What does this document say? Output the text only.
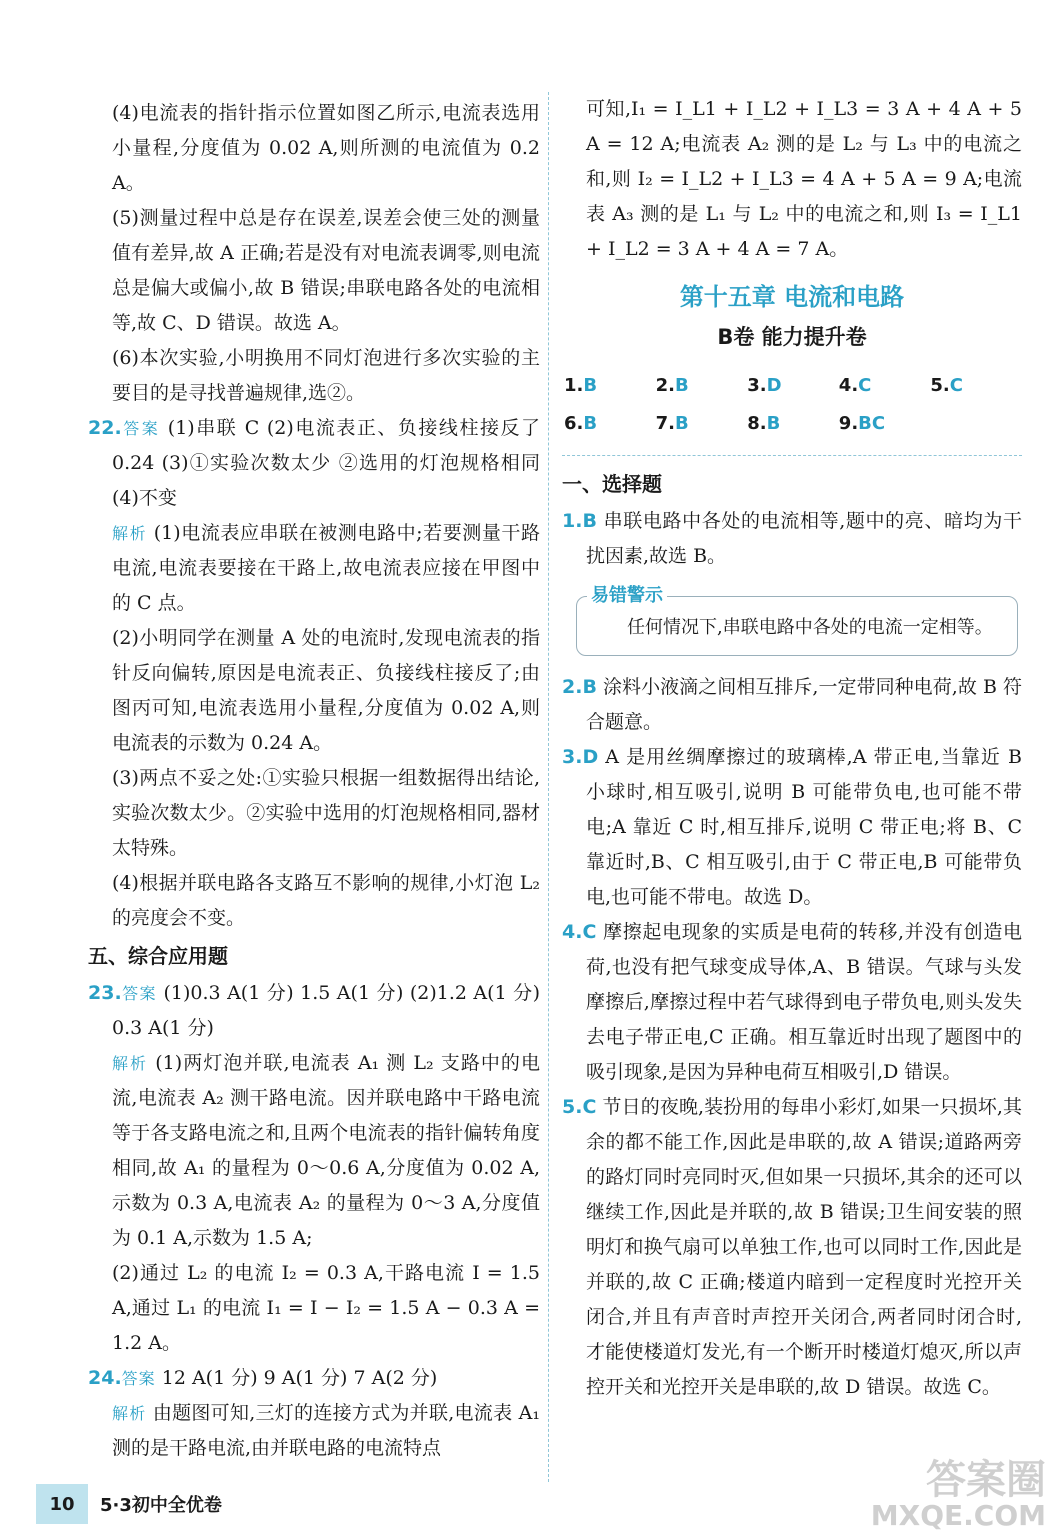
(4)电流表的指针指示位置如图乙所示,电流表选用小量程,分度值为 0.02 A,则所测的电流值为 0.2 A。

(5)测量过程中总是存在误差,误差会使三处的测量值有差异,故 A 正确;若是没有对电流表调零,则电流总是偏大或偏小,故 B 错误;串联电路各处的电流相等,故 C、D 错误。故选 A。

(6)本次实验,小明换用不同灯泡进行多次实验的主要目的是寻找普遍规律,选②。

22.答案 (1)串联 C (2)电流表正、负接线柱接反了 0.24 (3)①实验次数太少 ②选用的灯泡规格相同 (4)不变

解析 (1)电流表应串联在被测电路中;若要测量干路电流,电流表要接在干路上,故电流表应接在甲图中的 C 点。

(2)小明同学在测量 A 处的电流时,发现电流表的指针反向偏转,原因是电流表正、负接线柱接反了;由图丙可知,电流表选用小量程,分度值为 0.02 A,则电流表的示数为 0.24 A。

(3)两点不妥之处:①实验只根据一组数据得出结论,实验次数太少。②实验中选用的灯泡规格相同,器材太特殊。

(4)根据并联电路各支路互不影响的规律,小灯泡 L₂ 的亮度会不变。

五、综合应用题

23.答案 (1)0.3 A(1 分) 1.5 A(1 分) (2)1.2 A(1 分) 0.3 A(1 分)

解析 (1)两灯泡并联,电流表 A₁ 测 L₂ 支路中的电流,电流表 A₂ 测干路电流。因并联电路中干路电流等于各支路电流之和,且两个电流表的指针偏转角度相同,故 A₁ 的量程为 0～0.6 A,分度值为 0.02 A,示数为 0.3 A,电流表 A₂ 的量程为 0～3 A,分度值为 0.1 A,示数为 1.5 A;

(2)通过 L₂ 的电流 I₂ = 0.3 A,干路电流 I = 1.5 A,通过 L₁ 的电流 I₁ = I − I₂ = 1.5 A − 0.3 A = 1.2 A。

24.答案 12 A(1 分) 9 A(1 分) 7 A(2 分)

解析 由题图可知,三灯的连接方式为并联,电流表 A₁ 测的是干路电流,由并联电路的电流特点

可知,I₁ = I_L1 + I_L2 + I_L3 = 3 A + 4 A + 5 A = 12 A;电流表 A₂ 测的是 L₂ 与 L₃ 中的电流之和,则 I₂ = I_L2 + I_L3 = 4 A + 5 A = 9 A;电流表 A₃ 测的是 L₁ 与 L₂ 中的电流之和,则 I₃ = I_L1 + I_L2 = 3 A + 4 A = 7 A。

第十五章 电流和电路
B卷 能力提升卷
1.B	2.B	3.D	4.C	5.C
6.B	7.B	8.B	9.BC
一、选择题

1.B 串联电路中各处的电流相等,题中的亮、暗均为干扰因素,故选 B。

易错警示

任何情况下,串联电路中各处的电流一定相等。

2.B 涂料小液滴之间相互排斥,一定带同种电荷,故 B 符合题意。

3.D A 是用丝绸摩擦过的玻璃棒,A 带正电,当靠近 B 小球时,相互吸引,说明 B 可能带负电,也可能不带电;A 靠近 C 时,相互排斥,说明 C 带正电;将 B、C 靠近时,B、C 相互吸引,由于 C 带正电,B 可能带负电,也可能不带电。故选 D。

4.C 摩擦起电现象的实质是电荷的转移,并没有创造电荷,也没有把气球变成导体,A、B 错误。气球与头发摩擦后,摩擦过程中若气球得到电子带负电,则头发失去电子带正电,C 正确。相互靠近时出现了题图中的吸引现象,是因为异种电荷互相吸引,D 错误。

5.C 节日的夜晚,装扮用的每串小彩灯,如果一只损坏,其余的都不能工作,因此是串联的,故 A 错误;道路两旁的路灯同时亮同时灭,但如果一只损坏,其余的还可以继续工作,因此是并联的,故 B 错误;卫生间安装的照明灯和换气扇可以单独工作,也可以同时工作,因此是并联的,故 C 正确;楼道内暗到一定程度时光控开关闭合,并且有声音时声控开关闭合,两者同时闭合时,才能使楼道灯发光,有一个断开时楼道灯熄灭,所以声控开关和光控开关是串联的,故 D 错误。故选 C。

10	5·3初中全优卷
答案圈
MXQE.COM
